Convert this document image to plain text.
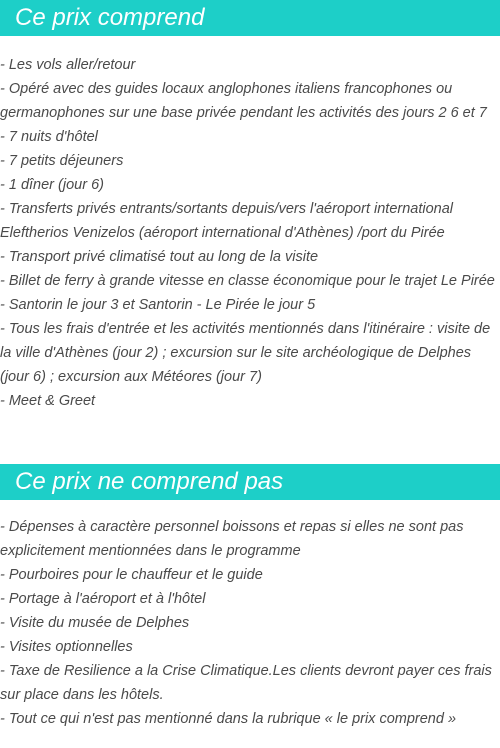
Ce prix comprend
- Les vols aller/retour
- Opéré avec des guides locaux anglophones italiens francophones ou germanophones sur une base privée pendant les activités des jours 2 6 et 7
- 7 nuits d'hôtel
- 7 petits déjeuners
- 1 dîner (jour 6)
- Transferts privés entrants/sortants depuis/vers l'aéroport international Eleftherios Venizelos (aéroport international d'Athènes) /port du Pirée
- Transport privé climatisé tout au long de la visite
- Billet de ferry à grande vitesse en classe économique pour le trajet Le Pirée - Santorin le jour 3 et Santorin - Le Pirée le jour 5
- Tous les frais d'entrée et les activités mentionnés dans l'itinéraire : visite de la ville d'Athènes (jour 2) ; excursion sur le site archéologique de Delphes (jour 6) ; excursion aux Météores (jour 7)
- Meet & Greet
Ce prix ne comprend pas
- Dépenses à caractère personnel boissons et repas si elles ne sont pas explicitement mentionnées dans le programme
- Pourboires pour le chauffeur et le guide
- Portage à l'aéroport et à l'hôtel
- Visite du musée de Delphes
- Visites optionnelles
- Taxe de Resilience a la Crise Climatique.Les clients devront payer ces frais sur place dans les hôtels.
- Tout ce qui n'est pas mentionné dans la rubrique « le prix comprend »
